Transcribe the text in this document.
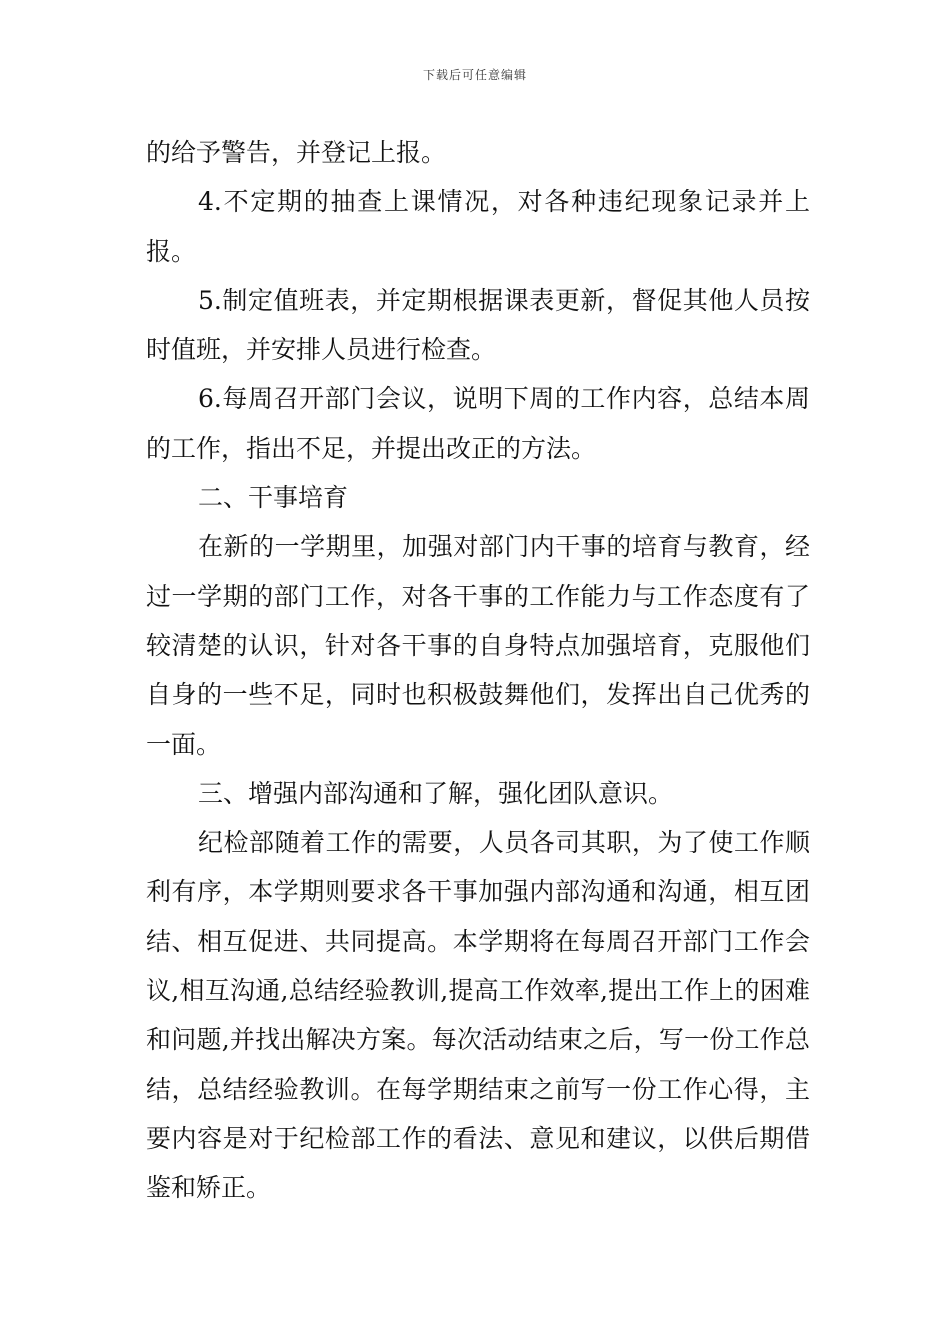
下载后可任意编辑

的给予警告，并登记上报。

4.不定期的抽查上课情况，对各种违纪现象记录并上报。

5.制定值班表，并定期根据课表更新，督促其他人员按时值班，并安排人员进行检查。

6.每周召开部门会议，说明下周的工作内容，总结本周的工作，指出不足，并提出改正的方法。

二、干事培育

在新的一学期里，加强对部门内干事的培育与教育，经过一学期的部门工作，对各干事的工作能力与工作态度有了较清楚的认识，针对各干事的自身特点加强培育，克服他们自身的一些不足，同时也积极鼓舞他们，发挥出自己优秀的一面。

三、增强内部沟通和了解，强化团队意识。

纪检部随着工作的需要，人员各司其职，为了使工作顺利有序，本学期则要求各干事加强内部沟通和沟通，相互团结、相互促进、共同提高。本学期将在每周召开部门工作会议,相互沟通,总结经验教训,提高工作效率,提出工作上的困难和问题,并找出解决方案。每次活动结束之后，写一份工作总结，总结经验教训。在每学期结束之前写一份工作心得，主要内容是对于纪检部工作的看法、意见和建议，以供后期借鉴和矫正。
